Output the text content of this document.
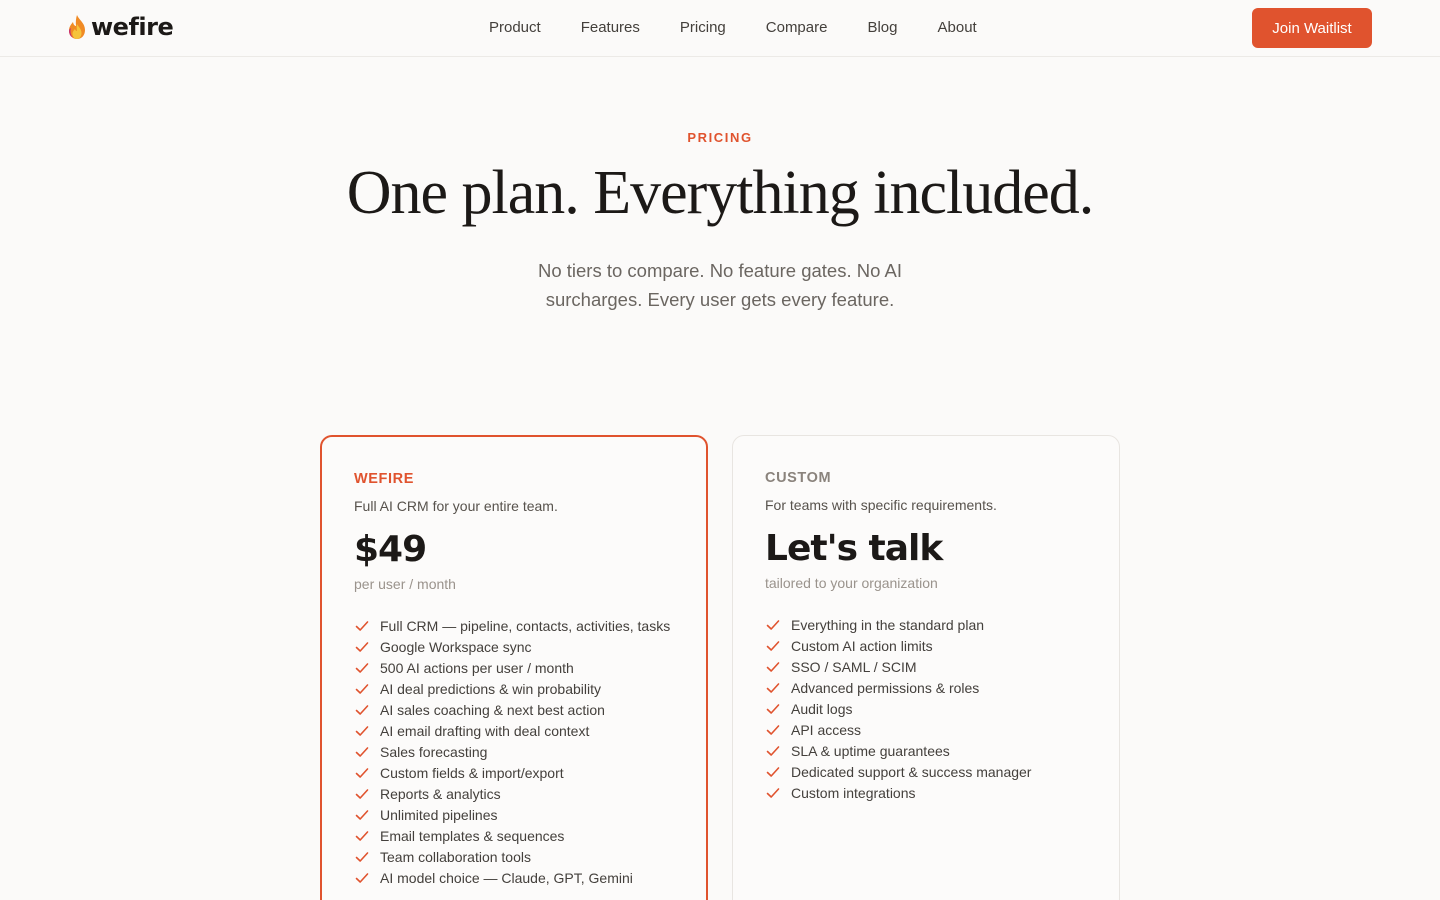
wefire	Product	Features	Pricing	Compare	Blog	About	Join Waitlist
PRICING
One plan. Everything included.

No tiers to compare. No feature gates. No AI surcharges. Every user gets every feature.

WEFIRE
Full AI CRM for your entire team.
$49
per user / month
Full CRM — pipeline, contacts, activities, tasks
Google Workspace sync
500 AI actions per user / month
AI deal predictions & win probability
AI sales coaching & next best action
AI email drafting with deal context
Sales forecasting
Custom fields & import/export
Reports & analytics
Unlimited pipelines
Email templates & sequences
Team collaboration tools
AI model choice — Claude, GPT, Gemini
CUSTOM
For teams with specific requirements.
Let's talk
tailored to your organization
Everything in the standard plan
Custom AI action limits
SSO / SAML / SCIM
Advanced permissions & roles
Audit logs
API access
SLA & uptime guarantees
Dedicated support & success manager
Custom integrations
